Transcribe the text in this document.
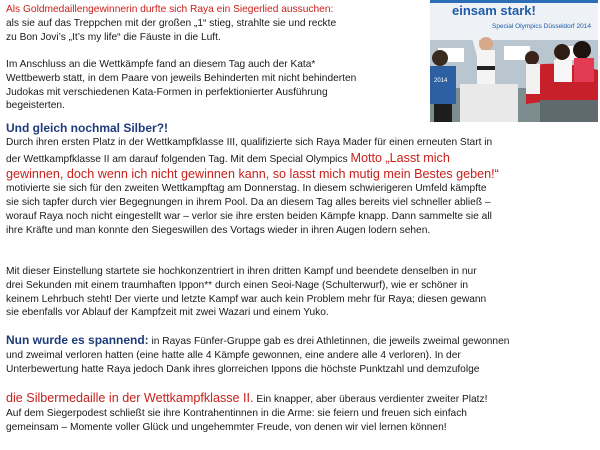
einsam stark!
Special Olympics Düsseldorf 2014
2014
Als Goldmedaillengewinnerin durfte sich Raya ein Siegerlied aussuchen:
als sie auf das Treppchen mit der großen „1“ stieg, strahlte sie und reckte
zu Bon Jovi’s „It’s my life“ die Fäuste in die Luft.
Im Anschluss an die Wettkämpfe fand an diesem Tag auch der Kata*
Wettbewerb statt, in dem Paare von jeweils Behinderten mit nicht behinderten
Judokas mit verschiedenen Kata-Formen in perfektionierter Ausführung
begeisterten.
Und gleich nochmal Silber?!
Durch ihren ersten Platz in der Wettkampfklasse III, qualifizierte sich Raya Mader für einen erneuten Start in
der Wettkampfklasse II am darauf folgenden Tag. Mit dem Special Olympics Motto „Lasst mich
gewinnen, doch wenn ich nicht gewinnen kann, so lasst mich mutig mein Bestes geben!“
motivierte sie sich für den zweiten Wettkampftag am Donnerstag. In diesem schwierigeren Umfeld kämpfte
sie sich tapfer durch vier Begegnungen in ihrem Pool. Da an diesem Tag alles bereits viel schneller abließ –
worauf Raya noch nicht eingestellt war – verlor sie ihre ersten beiden Kämpfe knapp. Dann sammelte sie all
ihre Kräfte und man konnte den Siegeswillen des Vortags wieder in ihren Augen lodern sehen.
Mit dieser Einstellung startete sie hochkonzentriert in ihren dritten Kampf und beendete denselben in nur
drei Sekunden mit einem traumhaften Ippon** durch einen Seoi-Nage (Schulterwurf), wie er schöner in
keinem Lehrbuch steht! Der vierte und letzte Kampf war auch kein Problem mehr für Raya; diesen gewann
sie ebenfalls vor Ablauf der Kampfzeit mit zwei Wazari und einem Yuko.
Nun wurde es spannend: in Rayas Fünfer-Gruppe gab es drei Athletinnen, die jeweils zweimal gewonnen
und zweimal verloren hatten (eine hatte alle 4 Kämpfe gewonnen, eine andere alle 4 verloren). In der
Unterbewertung hatte Raya jedoch Dank ihres glorreichen Ippons die höchste Punktzahl und demzufolge
die Silbermedaille in der Wettkampfklasse II. Ein knapper, aber überaus verdienter zweiter Platz!
Auf dem Siegerpodest schließt sie ihre Kontrahentinnen in die Arme: sie feiern und freuen sich einfach
gemeinsam – Momente voller Glück und ungehemmter Freude, von denen wir viel lernen können!
